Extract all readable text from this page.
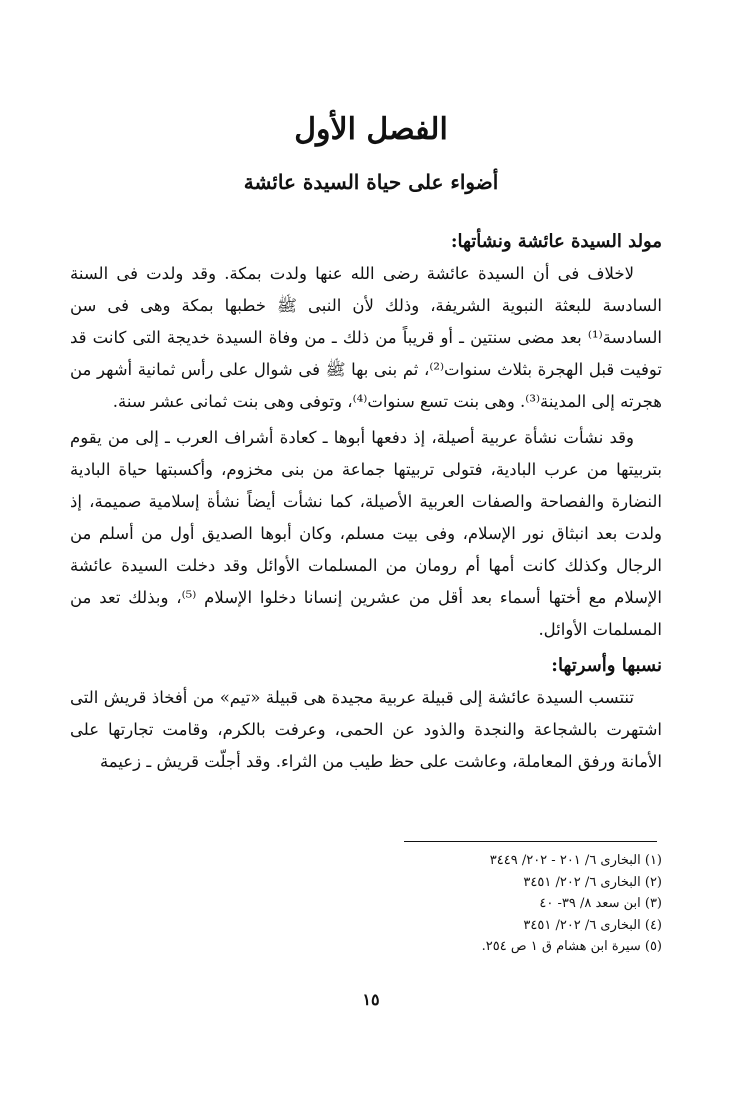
الفصل الأول
أضواء على حياة السيدة عائشة
مولد السيدة عائشة ونشأتها:

لاخلاف فى أن السيدة عائشة رضى الله عنها ولدت بمكة. وقد ولدت فى السنة السادسة للبعثة النبوية الشريفة، وذلك لأن النبى ﷺ خطبها بمكة وهى فى سن السادسة⁽¹⁾ بعد مضى سنتين ـ أو قريباً من ذلك ـ من وفاة السيدة خديجة التى كانت قد توفيت قبل الهجرة بثلاث سنوات⁽²⁾، ثم بنى بها ﷺ فى شوال على رأس ثمانية أشهر من هجرته إلى المدينة⁽³⁾. وهى بنت تسع سنوات⁽⁴⁾، وتوفى وهى بنت ثمانى عشر سنة.

وقد نشأت نشأة عربية أصيلة، إذ دفعها أبوها ـ كعادة أشراف العرب ـ إلى من يقوم بتربيتها من عرب البادية، فتولى تربيتها جماعة من بنى مخزوم، وأكسبتها حياة البادية النضارة والفصاحة والصفات العربية الأصيلة، كما نشأت أيضاً نشأة إسلامية صميمة، إذ ولدت بعد انبثاق نور الإسلام، وفى بيت مسلم، وكان أبوها الصديق أول من أسلم من الرجال وكذلك كانت أمها أم رومان من المسلمات الأوائل وقد دخلت السيدة عائشة الإسلام مع أختها أسماء بعد أقل من عشرين إنسانا دخلوا الإسلام ⁽⁵⁾، وبذلك تعد من المسلمات الأوائل.

نسبها وأسرتها:

تنتسب السيدة عائشة إلى قبيلة عربية مجيدة هى قبيلة «تيم» من أفخاذ قريش التى اشتهرت بالشجاعة والنجدة والذود عن الحمى، وعرفت بالكرم، وقامت تجارتها على الأمانة ورفق المعاملة، وعاشت على حظ طيب من الثراء. وقد أجلّت قريش ـ زعيمة

(١) البخارى ٦/ ٢٠١ - ٢٠٢/ ٣٤٤٩
(٢) البخارى ٦/ ٢٠٢/ ٣٤٥١
(٣) ابن سعد ٨/ ٣٩- ٤٠
(٤) البخارى ٦/ ٢٠٢/ ٣٤٥١
(٥) سيرة ابن هشام ق ١ ص ٢٥٤.
١٥
